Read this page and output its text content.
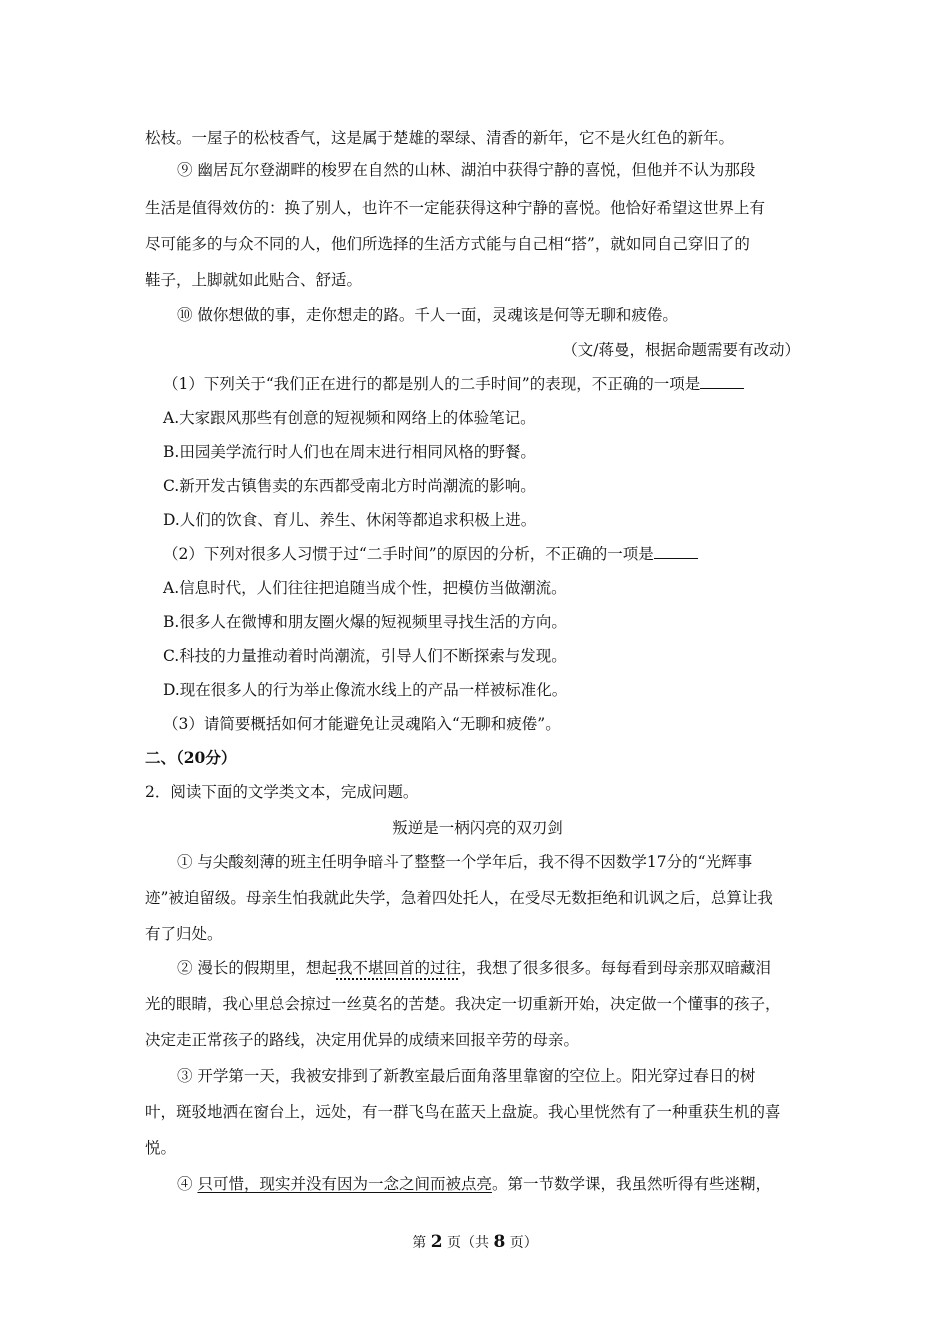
松枝。一屋子的松枝香气，这是属于楚雄的翠绿、清香的新年，它不是火红色的新年。
⑨ 幽居瓦尔登湖畔的梭罗在自然的山林、湖泊中获得宁静的喜悦，但他并不认为那段
生活是值得效仿的：换了别人，也许不一定能获得这种宁静的喜悦。他恰好希望这世界上有
尽可能多的与众不同的人，他们所选择的生活方式能与自己相“搭”，就如同自己穿旧了的
鞋子，上脚就如此贴合、舒适。
⑩ 做你想做的事，走你想走的路。千人一面，灵魂该是何等无聊和疲倦。
（文/蒋曼，根据命题需要有改动）
（1）下列关于“我们正在进行的都是别人的二手时间”的表现，不正确的一项是
A.大家跟风那些有创意的短视频和网络上的体验笔记。
B.田园美学流行时人们也在周末进行相同风格的野餐。
C.新开发古镇售卖的东西都受南北方时尚潮流的影响。
D.人们的饮食、育儿、养生、休闲等都追求积极上进。
（2）下列对很多人习惯于过“二手时间”的原因的分析，不正确的一项是
A.信息时代，人们往往把追随当成个性，把模仿当做潮流。
B.很多人在微博和朋友圈火爆的短视频里寻找生活的方向。
C.科技的力量推动着时尚潮流，引导人们不断探索与发现。
D.现在很多人的行为举止像流水线上的产品一样被标准化。
（3）请简要概括如何才能避免让灵魂陷入“无聊和疲倦”。
二、（20分）
2．阅读下面的文学类文本，完成问题。
叛逆是一柄闪亮的双刃剑
① 与尖酸刻薄的班主任明争暗斗了整整一个学年后，我不得不因数学17分的“光辉事
迹”被迫留级。母亲生怕我就此失学，急着四处托人，在受尽无数拒绝和讥讽之后，总算让我
有了归处。
② 漫长的假期里，想起我不堪回首的过往，我想了很多很多。每每看到母亲那双暗藏泪
光的眼睛，我心里总会掠过一丝莫名的苦楚。我决定一切重新开始，决定做一个懂事的孩子，
决定走正常孩子的路线，决定用优异的成绩来回报辛劳的母亲。
③ 开学第一天，我被安排到了新教室最后面角落里靠窗的空位上。阳光穿过春日的树
叶，斑驳地洒在窗台上，远处，有一群飞鸟在蓝天上盘旋。我心里恍然有了一种重获生机的喜
悦。
④ 只可惜，现实并没有因为一念之间而被点亮。第一节数学课，我虽然听得有些迷糊，
第 2 页（共 8 页）
